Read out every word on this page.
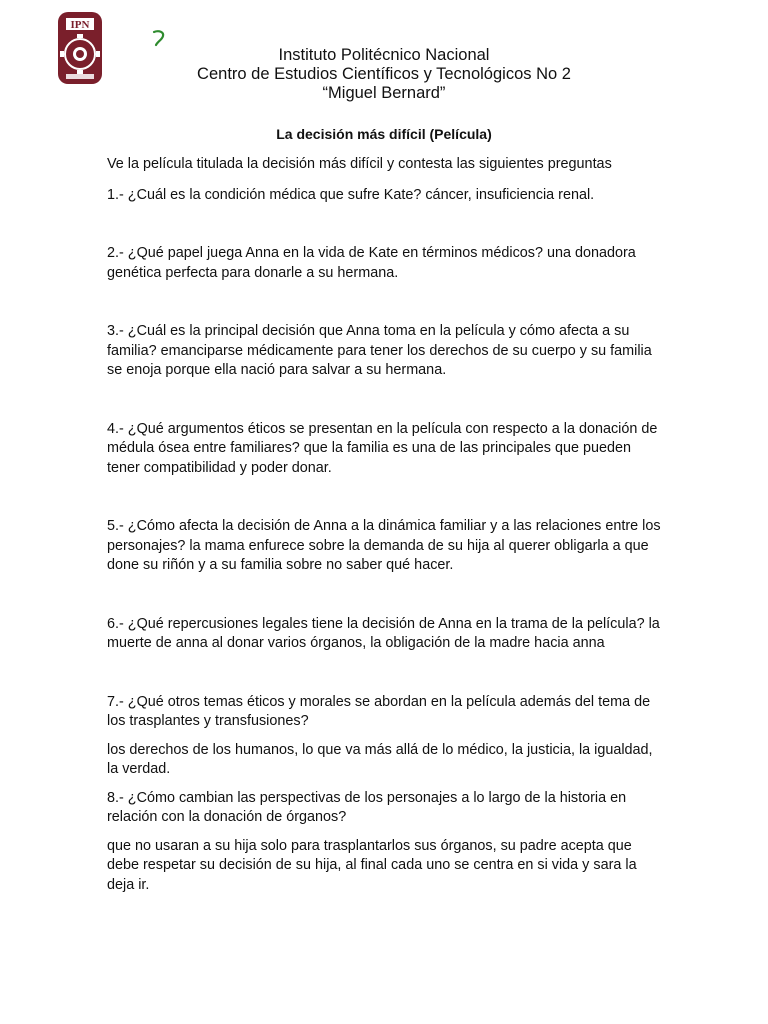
IPN
Instituto Politécnico Nacional
Centro de Estudios Científicos y Tecnológicos No 2
“Miguel Bernard”
La decisión más difícil (Película)

Ve la película titulada la decisión más difícil y contesta las siguientes preguntas

1.- ¿Cuál es la condición médica que sufre Kate? cáncer, insuficiencia renal.

2.- ¿Qué papel juega Anna en la vida de Kate en términos médicos? una donadora genética perfecta para donarle a su hermana.

3.- ¿Cuál es la principal decisión que Anna toma en la película y cómo afecta a su familia? emanciparse médicamente para tener los derechos de su cuerpo y su familia se enoja porque ella nació para salvar a su hermana.

4.- ¿Qué argumentos éticos se presentan en la película con respecto a la donación de médula ósea entre familiares? que la familia es una de las principales que pueden tener compatibilidad y poder donar.

5.- ¿Cómo afecta la decisión de Anna a la dinámica familiar y a las relaciones entre los personajes? la mama enfurece sobre la demanda de su hija al querer obligarla a que done su riñón y a su familia sobre no saber qué hacer.

6.- ¿Qué repercusiones legales tiene la decisión de Anna en la trama de la película? la muerte de anna al donar varios órganos, la obligación de la madre hacia anna

7.- ¿Qué otros temas éticos y morales se abordan en la película además del tema de los trasplantes y transfusiones?

los derechos de los humanos, lo que va más allá de lo médico, la justicia, la igualdad, la verdad.

8.- ¿Cómo cambian las perspectivas de los personajes a lo largo de la historia en relación con la donación de órganos?

que no usaran a su hija solo para trasplantarlos sus órganos, su padre acepta que debe respetar su decisión de su hija, al final cada uno se centra en si vida y sara la deja ir.
